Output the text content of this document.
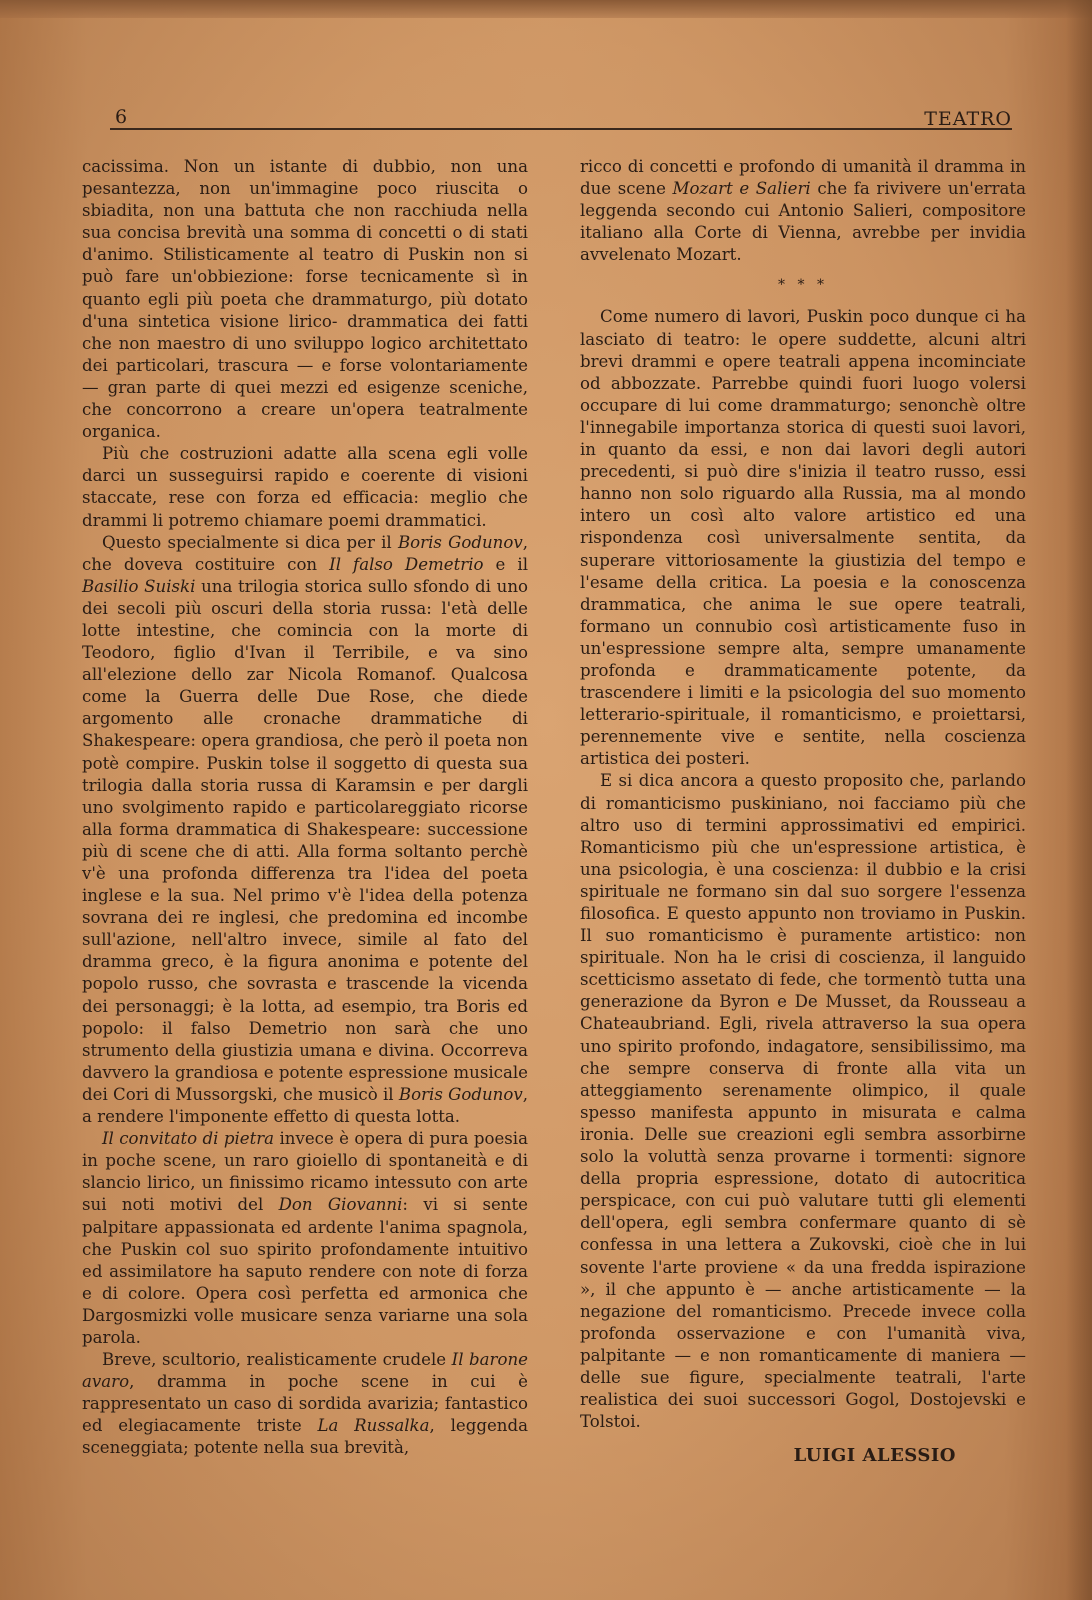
6	TEATRO

cacissima. Non un istante di dubbio, non una pesantezza, non un'immagine poco riuscita o sbiadita, non una battuta che non racchiuda nella sua concisa brevità una somma di concetti o di stati d'animo. Stilisticamente al teatro di Puskin non si può fare un'obbiezione: forse tecnicamente sì in quanto egli più poeta che drammaturgo, più dotato d'una sintetica visione lirico- drammatica dei fatti che non maestro di uno sviluppo logico architettato dei particolari, trascura — e forse volontariamente — gran parte di quei mezzi ed esigenze sceniche, che concorrono a creare un'opera teatralmente organica.

Più che costruzioni adatte alla scena egli volle darci un susseguirsi rapido e coerente di visioni staccate, rese con forza ed efficacia: meglio che drammi li potremo chiamare poemi drammatici.

Questo specialmente si dica per il Boris Godunov, che doveva costituire con Il falso Demetrio e il Basilio Suiski una trilogia storica sullo sfondo di uno dei secoli più oscuri della storia russa: l'età delle lotte intestine, che comincia con la morte di Teodoro, figlio d'Ivan il Terribile, e va sino all'elezione dello zar Nicola Romanof. Qualcosa come la Guerra delle Due Rose, che diede argomento alle cronache drammatiche di Shakespeare: opera grandiosa, che però il poeta non potè compire. Puskin tolse il soggetto di questa sua trilogia dalla storia russa di Karamsin e per dargli uno svolgimento rapido e particolareggiato ricorse alla forma drammatica di Shakespeare: successione più di scene che di atti. Alla forma soltanto perchè v'è una profonda differenza tra l'idea del poeta inglese e la sua. Nel primo v'è l'idea della potenza sovrana dei re inglesi, che predomina ed incombe sull'azione, nell'altro invece, simile al fato del dramma greco, è la figura anonima e potente del popolo russo, che sovrasta e trascende la vicenda dei personaggi; è la lotta, ad esempio, tra Boris ed popolo: il falso Demetrio non sarà che uno strumento della giustizia umana e divina. Occorreva davvero la grandiosa e potente espressione musicale dei Cori di Mussorgski, che musicò il Boris Godunov, a rendere l'imponente effetto di questa lotta.

Il convitato di pietra invece è opera di pura poesia in poche scene, un raro gioiello di spontaneità e di slancio lirico, un finissimo ricamo intessuto con arte sui noti motivi del Don Giovanni: vi si sente palpitare appassionata ed ardente l'anima spagnola, che Puskin col suo spirito profondamente intuitivo ed assimilatore ha saputo rendere con note di forza e di colore. Opera così perfetta ed armonica che Dargosmizki volle musicare senza variarne una sola parola.

Breve, scultorio, realisticamente crudele Il barone avaro, dramma in poche scene in cui è rappresentato un caso di sordida avarizia; fantastico ed elegiacamente triste La Russalka, leggenda sceneggiata; potente nella sua brevità,

ricco di concetti e profondo di umanità il dramma in due scene Mozart e Salieri che fa rivivere un'errata leggenda secondo cui Antonio Salieri, compositore italiano alla Corte di Vienna, avrebbe per invidia avvelenato Mozart.

* * *

Come numero di lavori, Puskin poco dunque ci ha lasciato di teatro: le opere suddette, alcuni altri brevi drammi e opere teatrali appena incominciate od abbozzate. Parrebbe quindi fuori luogo volersi occupare di lui come drammaturgo; senonchè oltre l'innegabile importanza storica di questi suoi lavori, in quanto da essi, e non dai lavori degli autori precedenti, si può dire s'inizia il teatro russo, essi hanno non solo riguardo alla Russia, ma al mondo intero un così alto valore artistico ed una rispondenza così universalmente sentita, da superare vittoriosamente la giustizia del tempo e l'esame della critica. La poesia e la conoscenza drammatica, che anima le sue opere teatrali, formano un connubio così artisticamente fuso in un'espressione sempre alta, sempre umanamente profonda e drammaticamente potente, da trascendere i limiti e la psicologia del suo momento letterario-spirituale, il romanticismo, e proiettarsi, perennemente vive e sentite, nella coscienza artistica dei posteri.

E si dica ancora a questo proposito che, parlando di romanticismo puskiniano, noi facciamo più che altro uso di termini approssimativi ed empirici. Romanticismo più che un'espressione artistica, è una psicologia, è una coscienza: il dubbio e la crisi spirituale ne formano sin dal suo sorgere l'essenza filosofica. E questo appunto non troviamo in Puskin. Il suo romanticismo è puramente artistico: non spirituale. Non ha le crisi di coscienza, il languido scetticismo assetato di fede, che tormentò tutta una generazione da Byron e De Musset, da Rousseau a Chateaubriand. Egli, rivela attraverso la sua opera uno spirito profondo, indagatore, sensibilissimo, ma che sempre conserva di fronte alla vita un atteggiamento serenamente olimpico, il quale spesso manifesta appunto in misurata e calma ironia. Delle sue creazioni egli sembra assorbirne solo la voluttà senza provarne i tormenti: signore della propria espressione, dotato di autocritica perspicace, con cui può valutare tutti gli elementi dell'opera, egli sembra confermare quanto di sè confessa in una lettera a Zukovski, cioè che in lui sovente l'arte proviene « da una fredda ispirazione », il che appunto è — anche artisticamente — la negazione del romanticismo. Precede invece colla profonda osservazione e con l'umanità viva, palpitante — e non romanticamente di maniera — delle sue figure, specialmente teatrali, l'arte realistica dei suoi successori Gogol, Dostojevski e Tolstoi.

LUIGI ALESSIO
